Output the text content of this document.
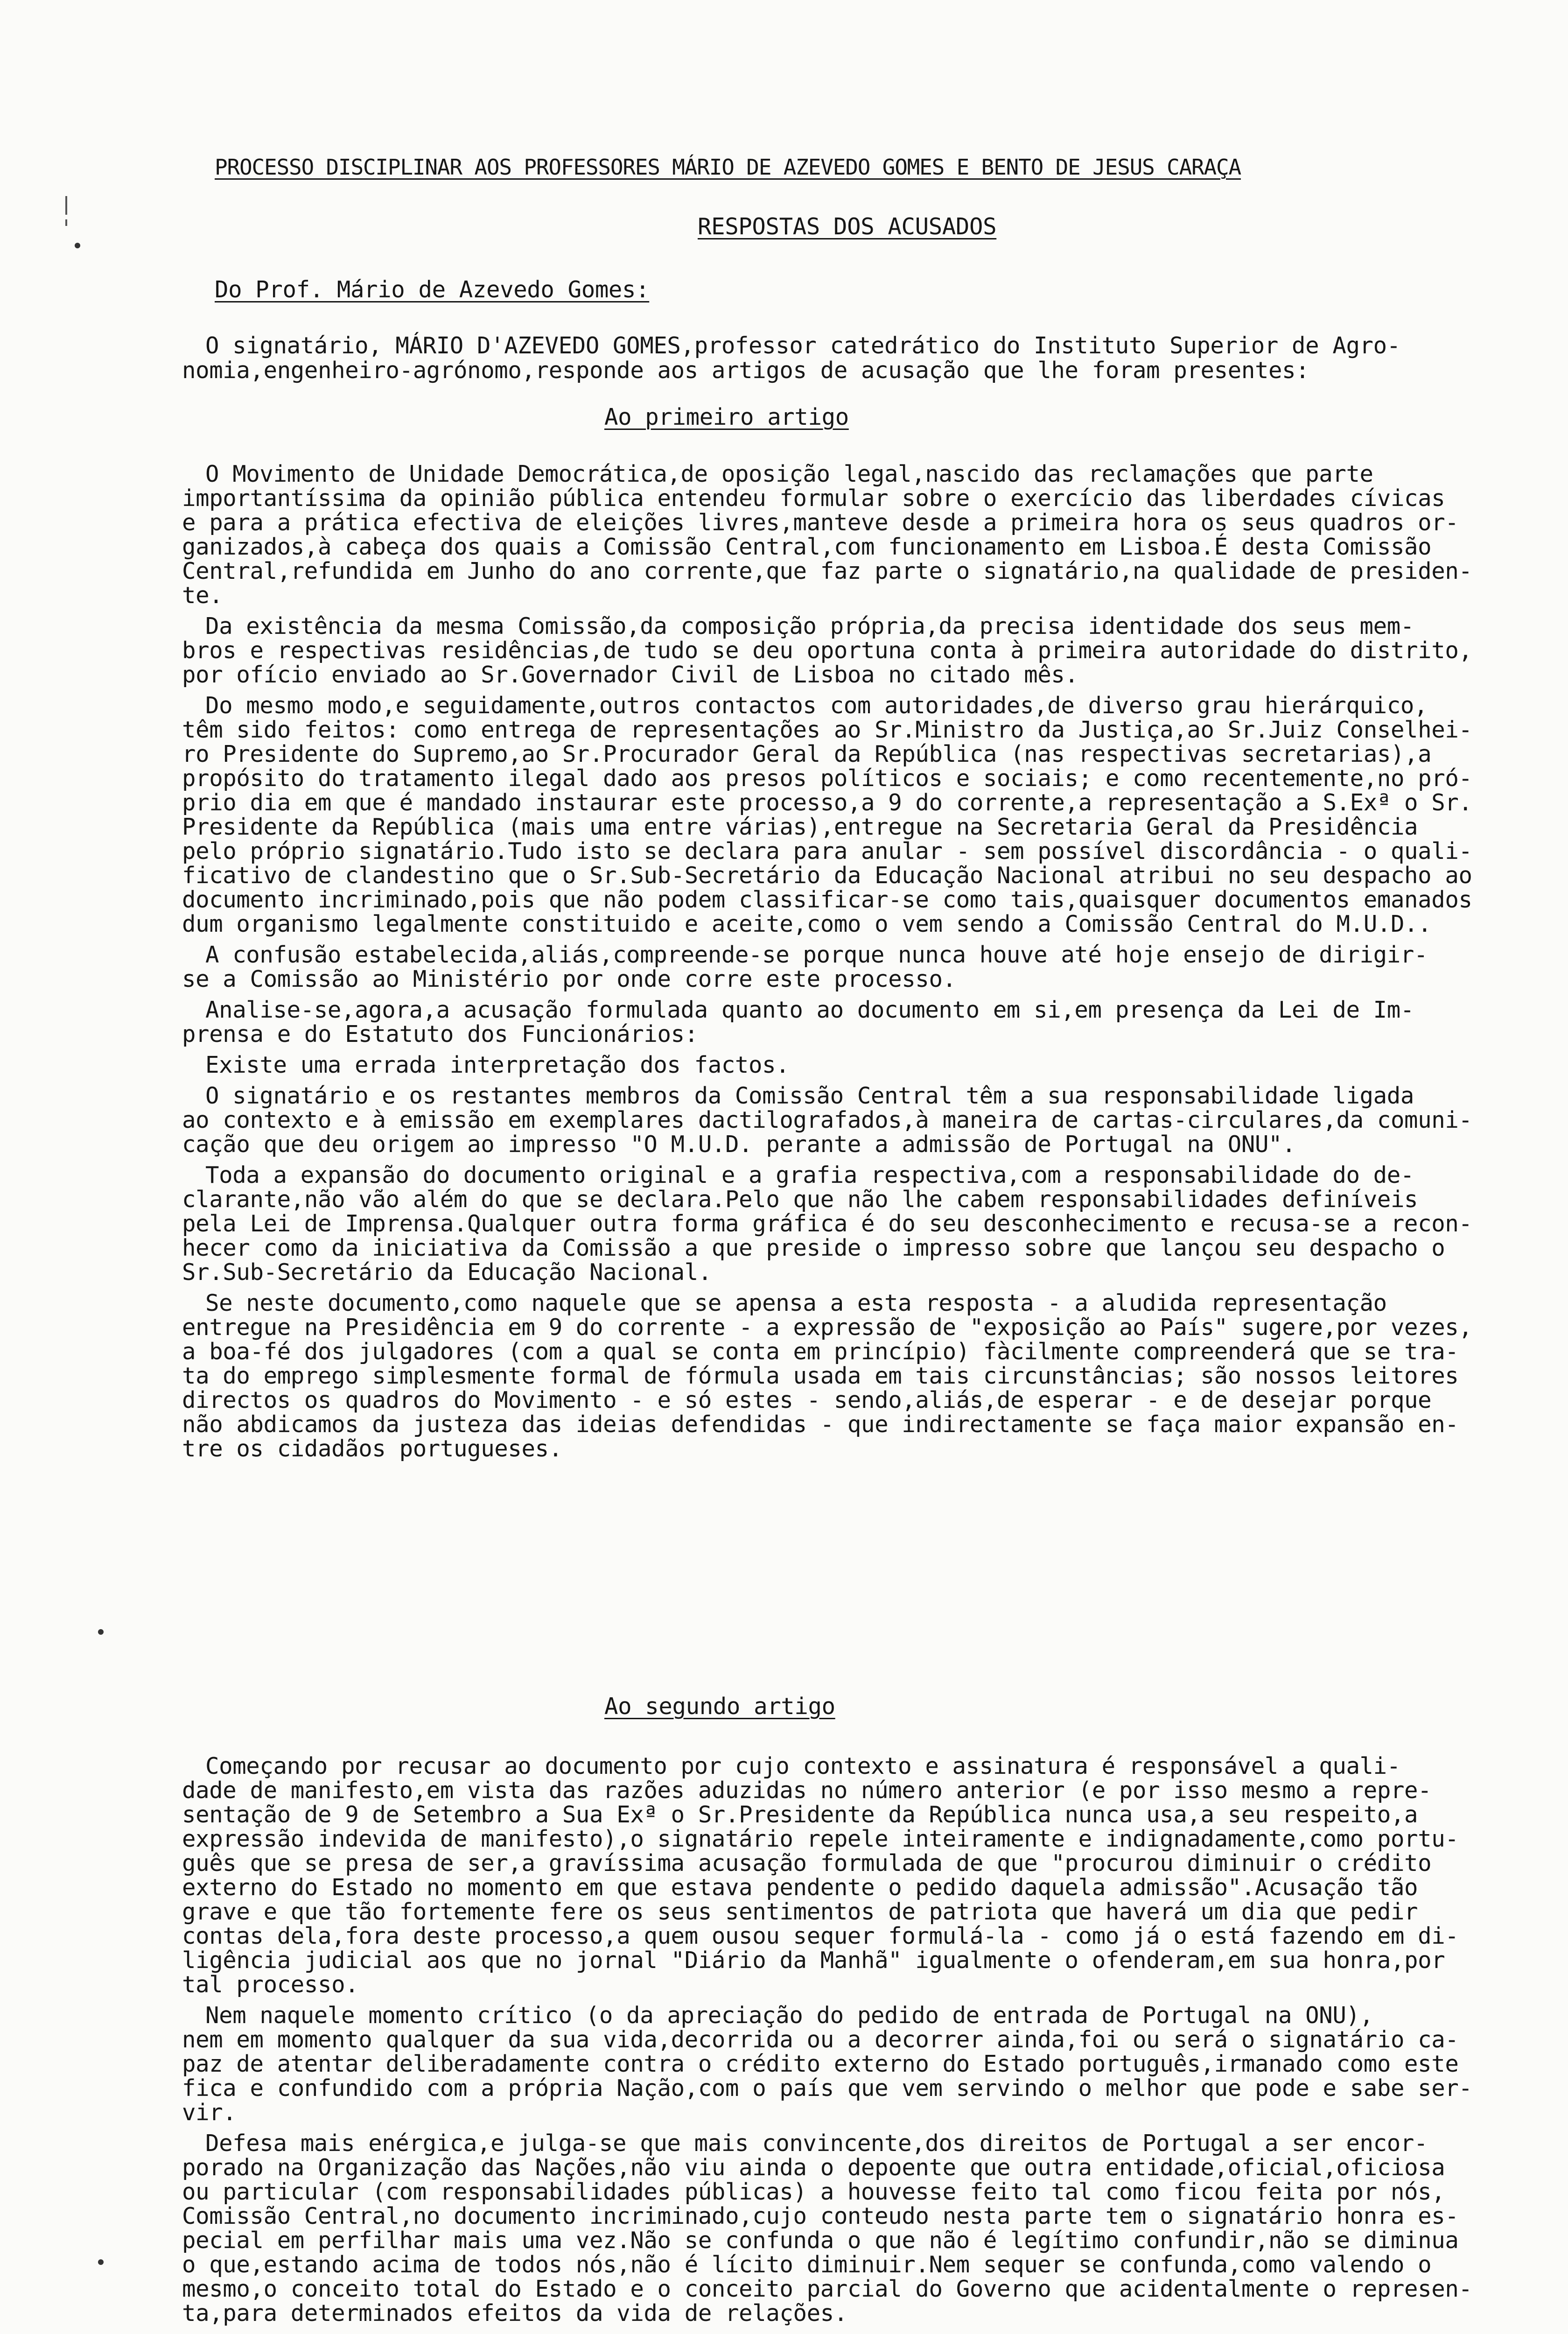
PROCESSO DISCIPLINAR AOS PROFESSORES MÁRIO DE AZEVEDO GOMES E BENTO DE JESUS CARAÇA
RESPOSTAS DOS ACUSADOS
Do Prof. Mário de Azevedo Gomes:
O signatário, MÁRIO D'AZEVEDO GOMES,professor catedrático do Instituto Superior de Agro-
nomia,engenheiro-agrónomo,responde aos artigos de acusação que lhe foram presentes:
Ao primeiro artigo
O Movimento de Unidade Democrática,de oposição legal,nascido das reclamações que parte
importantíssima da opinião pública entendeu formular sobre o exercício das liberdades cívicas
e para a prática efectiva de eleições livres,manteve desde a primeira hora os seus quadros or-
ganizados,à cabeça dos quais a Comissão Central,com funcionamento em Lisboa.É desta Comissão
Central,refundida em Junho do ano corrente,que faz parte o signatário,na qualidade de presiden-
te.
Da existência da mesma Comissão,da composição própria,da precisa identidade dos seus mem-
bros e respectivas residências,de tudo se deu oportuna conta à primeira autoridade do distrito,
por ofício enviado ao Sr.Governador Civil de Lisboa no citado mês.
Do mesmo modo,e seguidamente,outros contactos com autoridades,de diverso grau hierárquico,
têm sido feitos: como entrega de representações ao Sr.Ministro da Justiça,ao Sr.Juiz Conselhei-
ro Presidente do Supremo,ao Sr.Procurador Geral da República (nas respectivas secretarias),a
propósito do tratamento ilegal dado aos presos políticos e sociais; e como recentemente,no pró-
prio dia em que é mandado instaurar este processo,a 9 do corrente,a representação a S.Exª o Sr.
Presidente da República (mais uma entre várias),entregue na Secretaria Geral da Presidência
pelo próprio signatário.Tudo isto se declara para anular - sem possível discordância - o quali-
ficativo de clandestino que o Sr.Sub-Secretário da Educação Nacional atribui no seu despacho ao
documento incriminado,pois que não podem classificar-se como tais,quaisquer documentos emanados
dum organismo legalmente constituido e aceite,como o vem sendo a Comissão Central do M.U.D..
A confusão estabelecida,aliás,compreende-se porque nunca houve até hoje ensejo de dirigir-
se a Comissão ao Ministério por onde corre este processo.
Analise-se,agora,a acusação formulada quanto ao documento em si,em presença da Lei de Im-
prensa e do Estatuto dos Funcionários:
Existe uma errada interpretação dos factos.
O signatário e os restantes membros da Comissão Central têm a sua responsabilidade ligada
ao contexto e à emissão em exemplares dactilografados,à maneira de cartas-circulares,da comuni-
cação que deu origem ao impresso "O M.U.D. perante a admissão de Portugal na ONU".
Toda a expansão do documento original e a grafia respectiva,com a responsabilidade do de-
clarante,não vão além do que se declara.Pelo que não lhe cabem responsabilidades definíveis
pela Lei de Imprensa.Qualquer outra forma gráfica é do seu desconhecimento e recusa-se a recon-
hecer como da iniciativa da Comissão a que preside o impresso sobre que lançou seu despacho o
Sr.Sub-Secretário da Educação Nacional.
Se neste documento,como naquele que se apensa a esta resposta - a aludida representação
entregue na Presidência em 9 do corrente - a expressão de "exposição ao País" sugere,por vezes,
a boa-fé dos julgadores (com a qual se conta em princípio) fàcilmente compreenderá que se tra-
ta do emprego simplesmente formal de fórmula usada em tais circunstâncias; são nossos leitores
directos os quadros do Movimento - e só estes - sendo,aliás,de esperar - e de desejar porque
não abdicamos da justeza das ideias defendidas - que indirectamente se faça maior expansão en-
tre os cidadãos portugueses.
Ao segundo artigo
Começando por recusar ao documento por cujo contexto e assinatura é responsável a quali-
dade de manifesto,em vista das razões aduzidas no número anterior (e por isso mesmo a repre-
sentação de 9 de Setembro a Sua Exª o Sr.Presidente da República nunca usa,a seu respeito,a
expressão indevida de manifesto),o signatário repele inteiramente e indignadamente,como portu-
guês que se presa de ser,a gravíssima acusação formulada de que "procurou diminuir o crédito
externo do Estado no momento em que estava pendente o pedido daquela admissão".Acusação tão
grave e que tão fortemente fere os seus sentimentos de patriota que haverá um dia que pedir
contas dela,fora deste processo,a quem ousou sequer formulá-la - como já o está fazendo em di-
ligência judicial aos que no jornal "Diário da Manhã" igualmente o ofenderam,em sua honra,por
tal processo.
Nem naquele momento crítico (o da apreciação do pedido de entrada de Portugal na ONU),
nem em momento qualquer da sua vida,decorrida ou a decorrer ainda,foi ou será o signatário ca-
paz de atentar deliberadamente contra o crédito externo do Estado português,irmanado como este
fica e confundido com a própria Nação,com o país que vem servindo o melhor que pode e sabe ser-
vir.
Defesa mais enérgica,e julga-se que mais convincente,dos direitos de Portugal a ser encor-
porado na Organização das Nações,não viu ainda o depoente que outra entidade,oficial,oficiosa
ou particular (com responsabilidades públicas) a houvesse feito tal como ficou feita por nós,
Comissão Central,no documento incriminado,cujo conteudo nesta parte tem o signatário honra es-
pecial em perfilhar mais uma vez.Não se confunda o que não é legítimo confundir,não se diminua
o que,estando acima de todos nós,não é lícito diminuir.Nem sequer se confunda,como valendo o
mesmo,o conceito total do Estado e o conceito parcial do Governo que acidentalmente o represen-
ta,para determinados efeitos da vida de relações.
